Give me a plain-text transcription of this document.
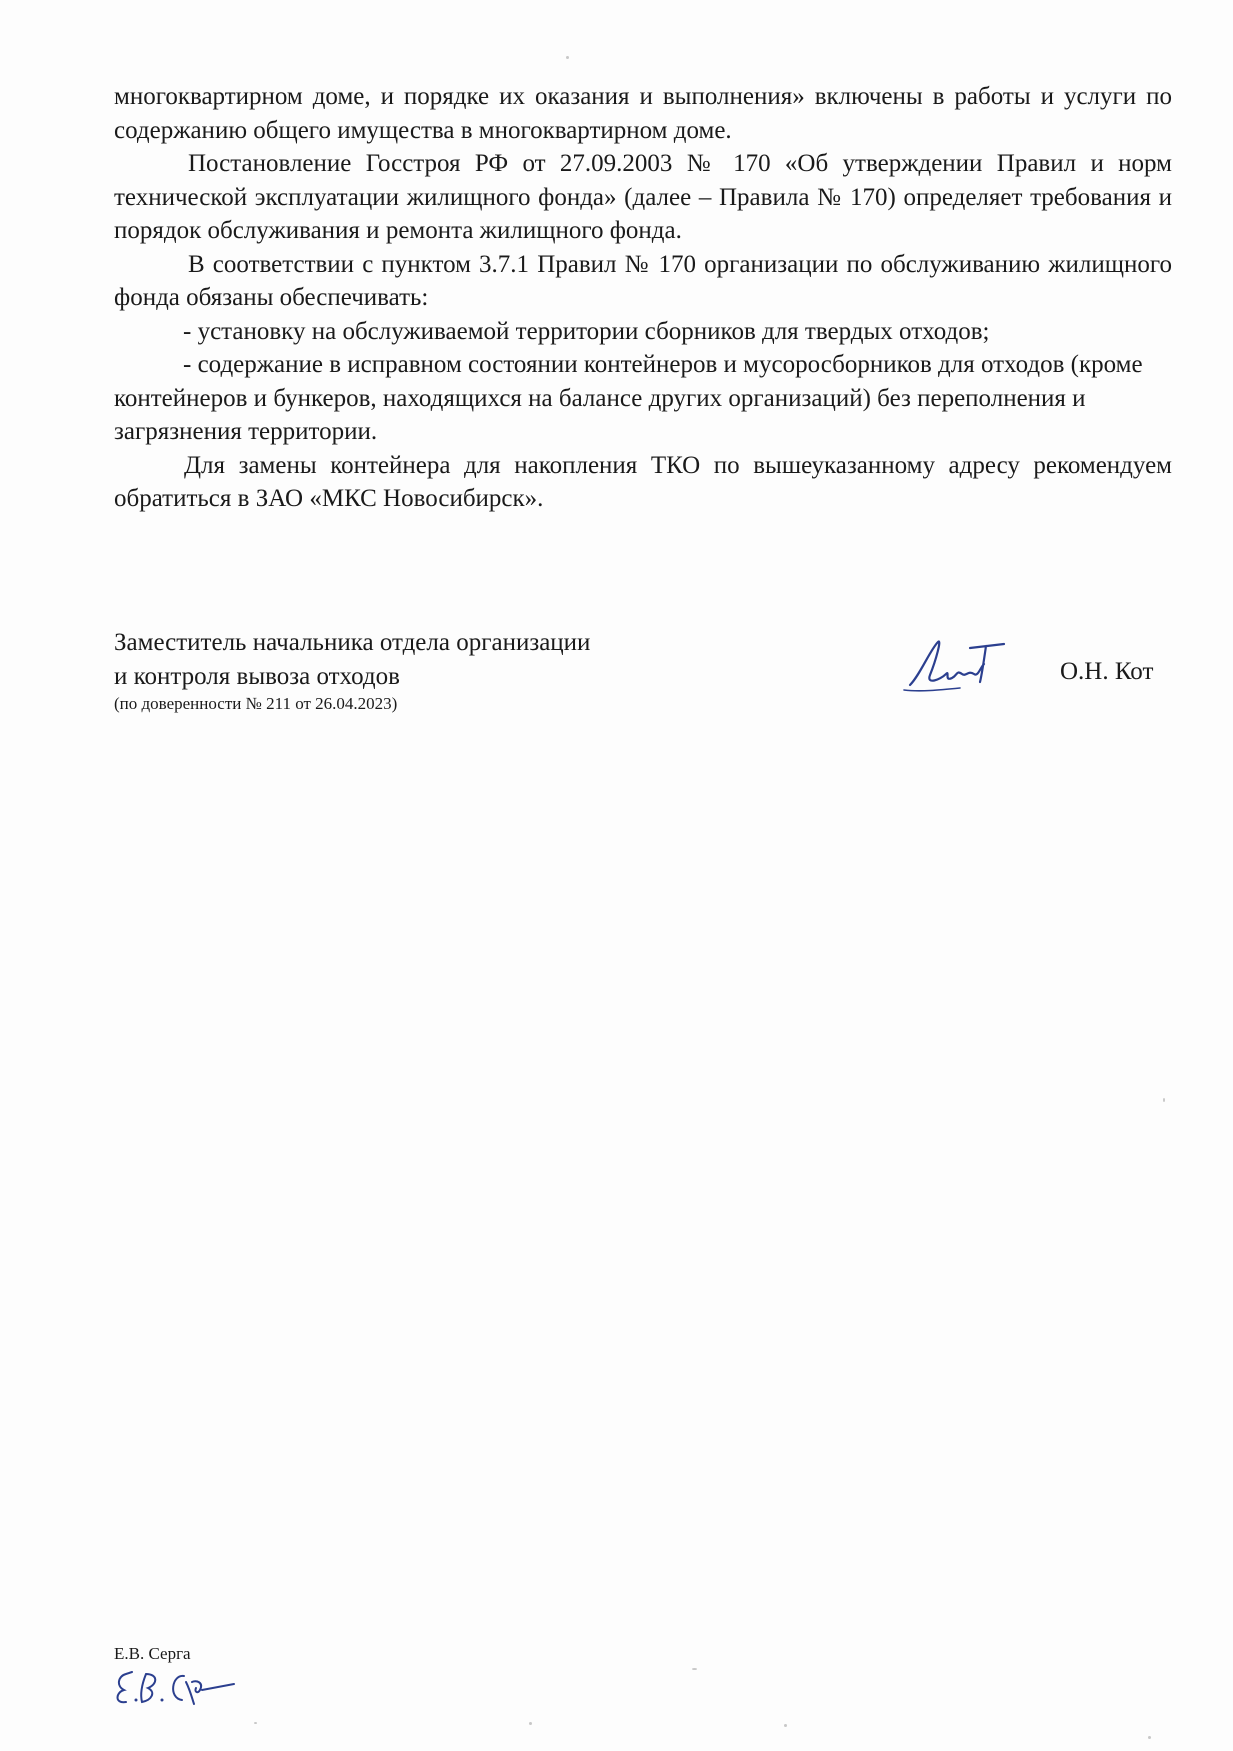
многоквартирном доме, и порядке их оказания и выполнения» включены в работы и услуги по содержанию общего имущества в многоквартирном доме.

Постановление Госстроя РФ от 27.09.2003 № 170 «Об утверждении Правил и норм технической эксплуатации жилищного фонда» (далее – Правила № 170) определяет требования и порядок обслуживания и ремонта жилищного фонда.

В соответствии с пунктом 3.7.1 Правил № 170 организации по обслуживанию жилищного фонда обязаны обеспечивать:

- установку на обслуживаемой территории сборников для твердых отходов;

- содержание в исправном состоянии контейнеров и мусоросборников для отходов (кроме контейнеров и бункеров, находящихся на балансе других организаций) без переполнения и загрязнения территории.

Для замены контейнера для накопления ТКО по вышеуказанному адресу рекомендуем обратиться в ЗАО «МКС Новосибирск».

Заместитель начальника отдела организации
и контроля вывоза отходов
(по доверенности № 211 от 26.04.2023)
О.Н. Кот
Е.В. Серга
